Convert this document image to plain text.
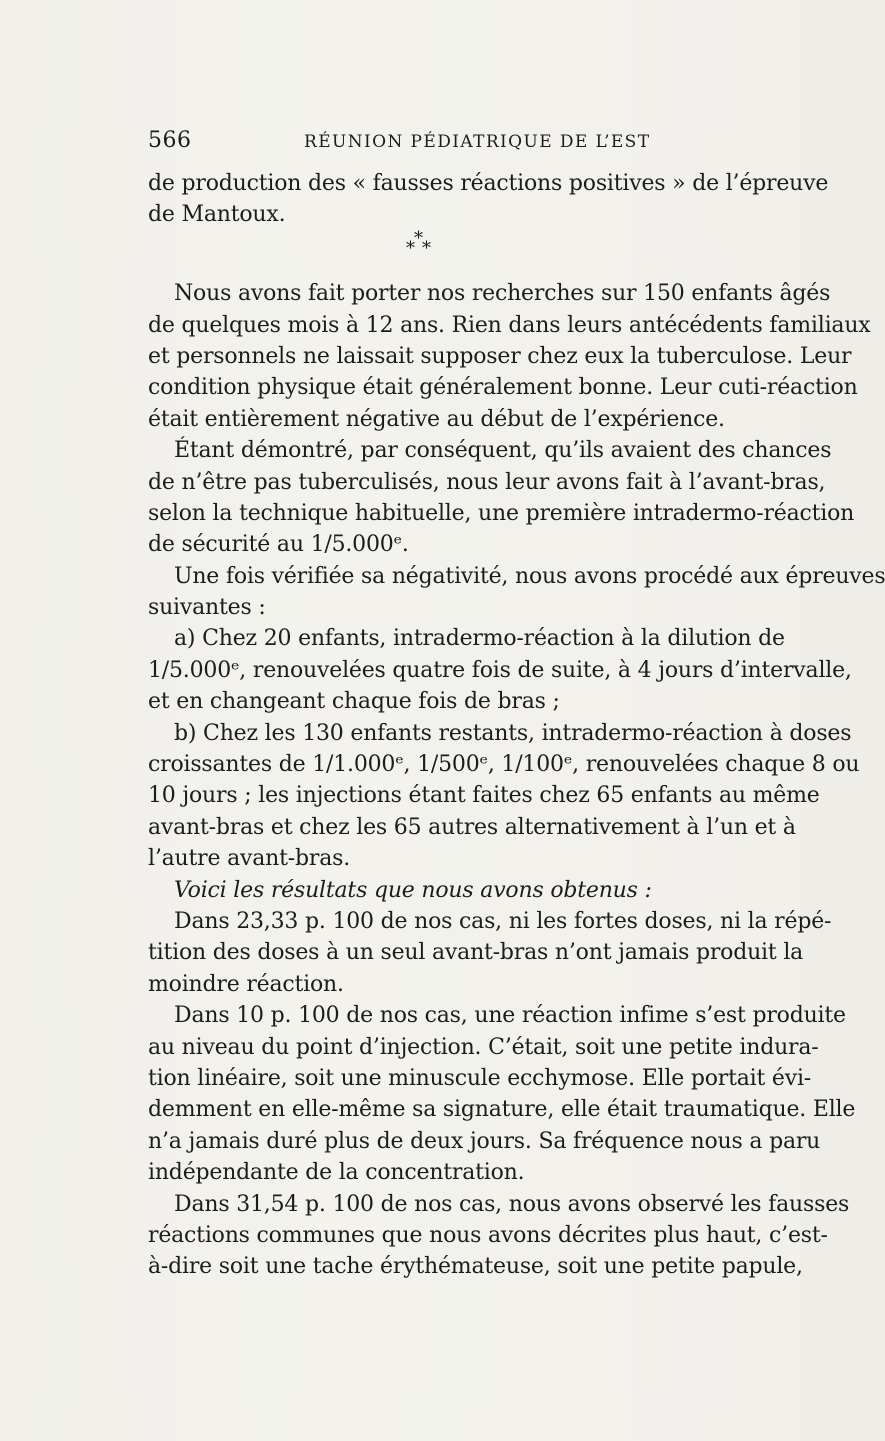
566	RÉUNION PÉDIATRIQUE DE L’EST
de production des « fausses réactions positives » de l’épreuve
de Mantoux.
***
Nous avons fait porter nos recherches sur 150 enfants âgés
de quelques mois à 12 ans. Rien dans leurs antécédents familiaux
et personnels ne laissait supposer chez eux la tuberculose. Leur
condition physique était généralement bonne. Leur cuti-réaction
était entièrement négative au début de l’expérience.
Étant démontré, par conséquent, qu’ils avaient des chances
de n’être pas tuberculisés, nous leur avons fait à l’avant-bras,
selon la technique habituelle, une première intradermo-réaction
de sécurité au 1/5.000ᵉ.
Une fois vérifiée sa négativité, nous avons procédé aux épreuves
suivantes :
a) Chez 20 enfants, intradermo-réaction à la dilution de
1/5.000ᵉ, renouvelées quatre fois de suite, à 4 jours d’intervalle,
et en changeant chaque fois de bras ;
b) Chez les 130 enfants restants, intradermo-réaction à doses
croissantes de 1/1.000ᵉ, 1/500ᵉ, 1/100ᵉ, renouvelées chaque 8 ou
10 jours ; les injections étant faites chez 65 enfants au même
avant-bras et chez les 65 autres alternativement à l’un et à
l’autre avant-bras.
Voici les résultats que nous avons obtenus :
Dans 23,33 p. 100 de nos cas, ni les fortes doses, ni la répé-
tition des doses à un seul avant-bras n’ont jamais produit la
moindre réaction.
Dans 10 p. 100 de nos cas, une réaction infime s’est produite
au niveau du point d’injection. C’était, soit une petite indura-
tion linéaire, soit une minuscule ecchymose. Elle portait évi-
demment en elle-même sa signature, elle était traumatique. Elle
n’a jamais duré plus de deux jours. Sa fréquence nous a paru
indépendante de la concentration.
Dans 31,54 p. 100 de nos cas, nous avons observé les fausses
réactions communes que nous avons décrites plus haut, c’est-
à-dire soit une tache érythémateuse, soit une petite papule,
